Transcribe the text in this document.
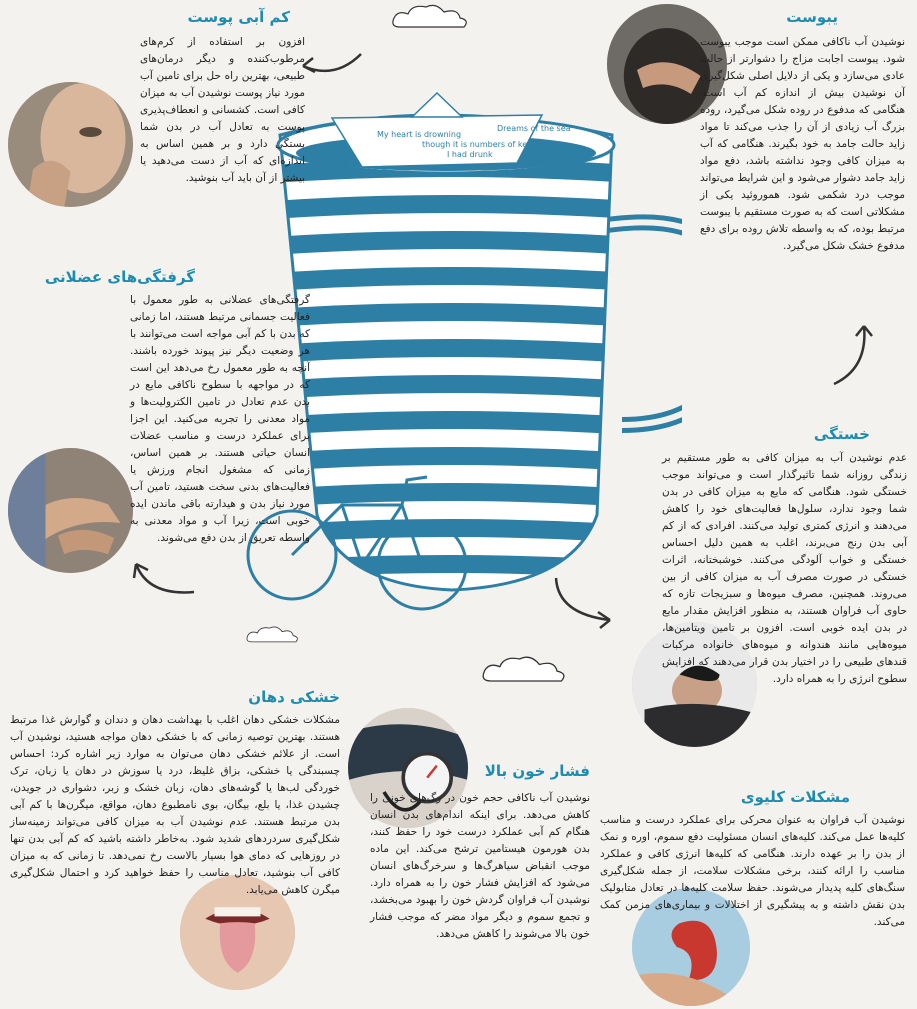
My heart is drowning
though it is numbers of kemlosk
I had drunk
Dreams of the sea
کم آبی پوست

افزون بر استفاده از کرم‌های مرطوب‌کننده و دیگر درمان‌های طبیعی، بهترین راه حل برای تامین آب مورد نیاز پوست نوشیدن آب به میزان کافی است. کشسانی و انعطاف‌پذیری پوست به تعادل آب در بدن شما بستگی دارد و بر همین اساس به اندازه‌ای که آب از دست می‌دهید یا بیشتر از آن باید آب بنوشید.

یبوست

نوشیدن آب ناکافی ممکن است موجب یبوست شود. یبوست اجابت مزاج را دشوارتر از حالت عادی می‌سازد و یکی از دلایل اصلی شکل‌گیری آن نوشیدن بیش از اندازه کم آب است. هنگامی که مدفوع در روده شکل می‌گیرد، روده بزرگ آب زیادی از آن را جذب می‌کند تا مواد زاید حالت جامد به خود بگیرند. هنگامی که آب به میزان کافی وجود نداشته باشد، دفع مواد زاید جامد دشوار می‌شود و این شرایط می‌تواند موجب درد شکمی شود. هموروئید یکی از مشکلاتی است که به صورت مستقیم با یبوست مرتبط بوده، که به واسطه تلاش روده برای دفع مدفوع خشک شکل می‌گیرد.

گرفتگی‌های عضلانی

گرفتگی‌های عضلانی به طور معمول با فعالیت جسمانی مرتبط هستند، اما زمانی که بدن با کم آبی مواجه است می‌توانند با هر وضعیت دیگر نیز پیوند خورده باشند. آنچه به طور معمول رخ می‌دهد این است که در مواجهه با سطوح ناکافی مایع در بدن عدم تعادل در تامین الکترولیت‌ها و مواد معدنی را تجربه می‌کنید. این اجزا برای عملکرد درست و مناسب عضلات انسان حیاتی هستند. بر همین اساس، زمانی که مشغول انجام ورزش یا فعالیت‌های بدنی سخت هستید، تامین آب مورد نیاز بدن و هیدارته باقی ماندن ایده خوبی است، زیرا آب و مواد معدنی به واسطه تعریق از بدن دفع می‌شوند.

خستگی

عدم نوشیدن آب به میزان کافی به طور مستقیم بر زندگی روزانه شما تاثیرگذار است و می‌تواند موجب خستگی شود. هنگامی که مایع به میزان کافی در بدن شما وجود ندارد، سلول‌ها فعالیت‌های خود را کاهش می‌دهند و انرژی کمتری تولید می‌کنند. افرادی که از کم آبی بدن رنج می‌برند، اغلب به همین دلیل احساس خستگی و خواب آلودگی می‌کنند. خوشبختانه، اثرات خستگی در صورت مصرف آب به میزان کافی از بین می‌روند. همچنین، مصرف میوه‌ها و سبزیجات تازه که حاوی آب فراوان هستند، به منظور افزایش مقدار مایع در بدن ایده خوبی است. افزون بر تامین ویتامین‌ها، میوه‌هایی مانند هندوانه و میوه‌های خانواده مرکبات قندهای طبیعی را در اختیار بدن قرار می‌دهند که افزایش سطوح انرژی را به همراه دارد.

خشکی دهان

مشکلات خشکی دهان اغلب با بهداشت دهان و دندان و گوارش غذا مرتبط هستند. بهترین توصیه زمانی که با خشکی دهان مواجه هستید، نوشیدن آب است. از علائم خشکی دهان می‌توان به موارد زیر اشاره کرد: احساس چسبندگی یا خشکی، بزاق غلیظ، درد یا سوزش در دهان یا زبان، ترک خوردگی لب‌ها یا گوشه‌های دهان، زبان خشک و زبر، دشواری در جویدن، چشیدن غذا، یا بلع، بیگان، بوی نامطبوع دهان، مواقع، میگرن‌ها با کم آبی بدن مرتبط هستند. عدم نوشیدن آب به میزان کافی می‌تواند زمینه‌ساز شکل‌گیری سردردهای شدید شود. به‌خاطر داشته باشید که کم آبی بدن تنها در روزهایی که دمای هوا بسیار بالاست رخ نمی‌دهد. تا زمانی که به میزان کافی آب بنوشید، تعادل مناسب را حفظ خواهید کرد و احتمال شکل‌گیری میگرن کاهش می‌یابد.

فشار خون بالا

نوشیدن آب ناکافی حجم خون در رگ‌های خونی را کاهش می‌دهد. برای اینکه اندام‌های بدن انسان هنگام کم آبی عملکرد درست خود را حفظ کنند، بدن هورمون هیستامین ترشح می‌کند. این ماده موجب انقباض سیاهرگ‌ها و سرخرگ‌های انسان می‌شود که افزایش فشار خون را به همراه دارد. نوشیدن آب فراوان گردش خون را بهبود می‌بخشد، و تجمع سموم و دیگر مواد مضر که موجب فشار خون بالا می‌شوند را کاهش می‌دهد.

مشکلات کلیوی

نوشیدن آب فراوان به عنوان محرکی برای عملکرد درست و مناسب کلیه‌ها عمل می‌کند. کلیه‌های انسان مسئولیت دفع سموم، اوره و نمک از بدن را بر عهده دارند. هنگامی که کلیه‌ها انرژی کافی و عملکرد مناسب را ارائه کنند، برخی مشکلات سلامت، از جمله شکل‌گیری سنگ‌های کلیه پدیدار می‌شوند. حفظ سلامت کلیه‌ها در تعادل متابولیک بدن نقش داشته و به پیشگیری از اختلالات و بیماری‌های مزمن کمک می‌کند.
